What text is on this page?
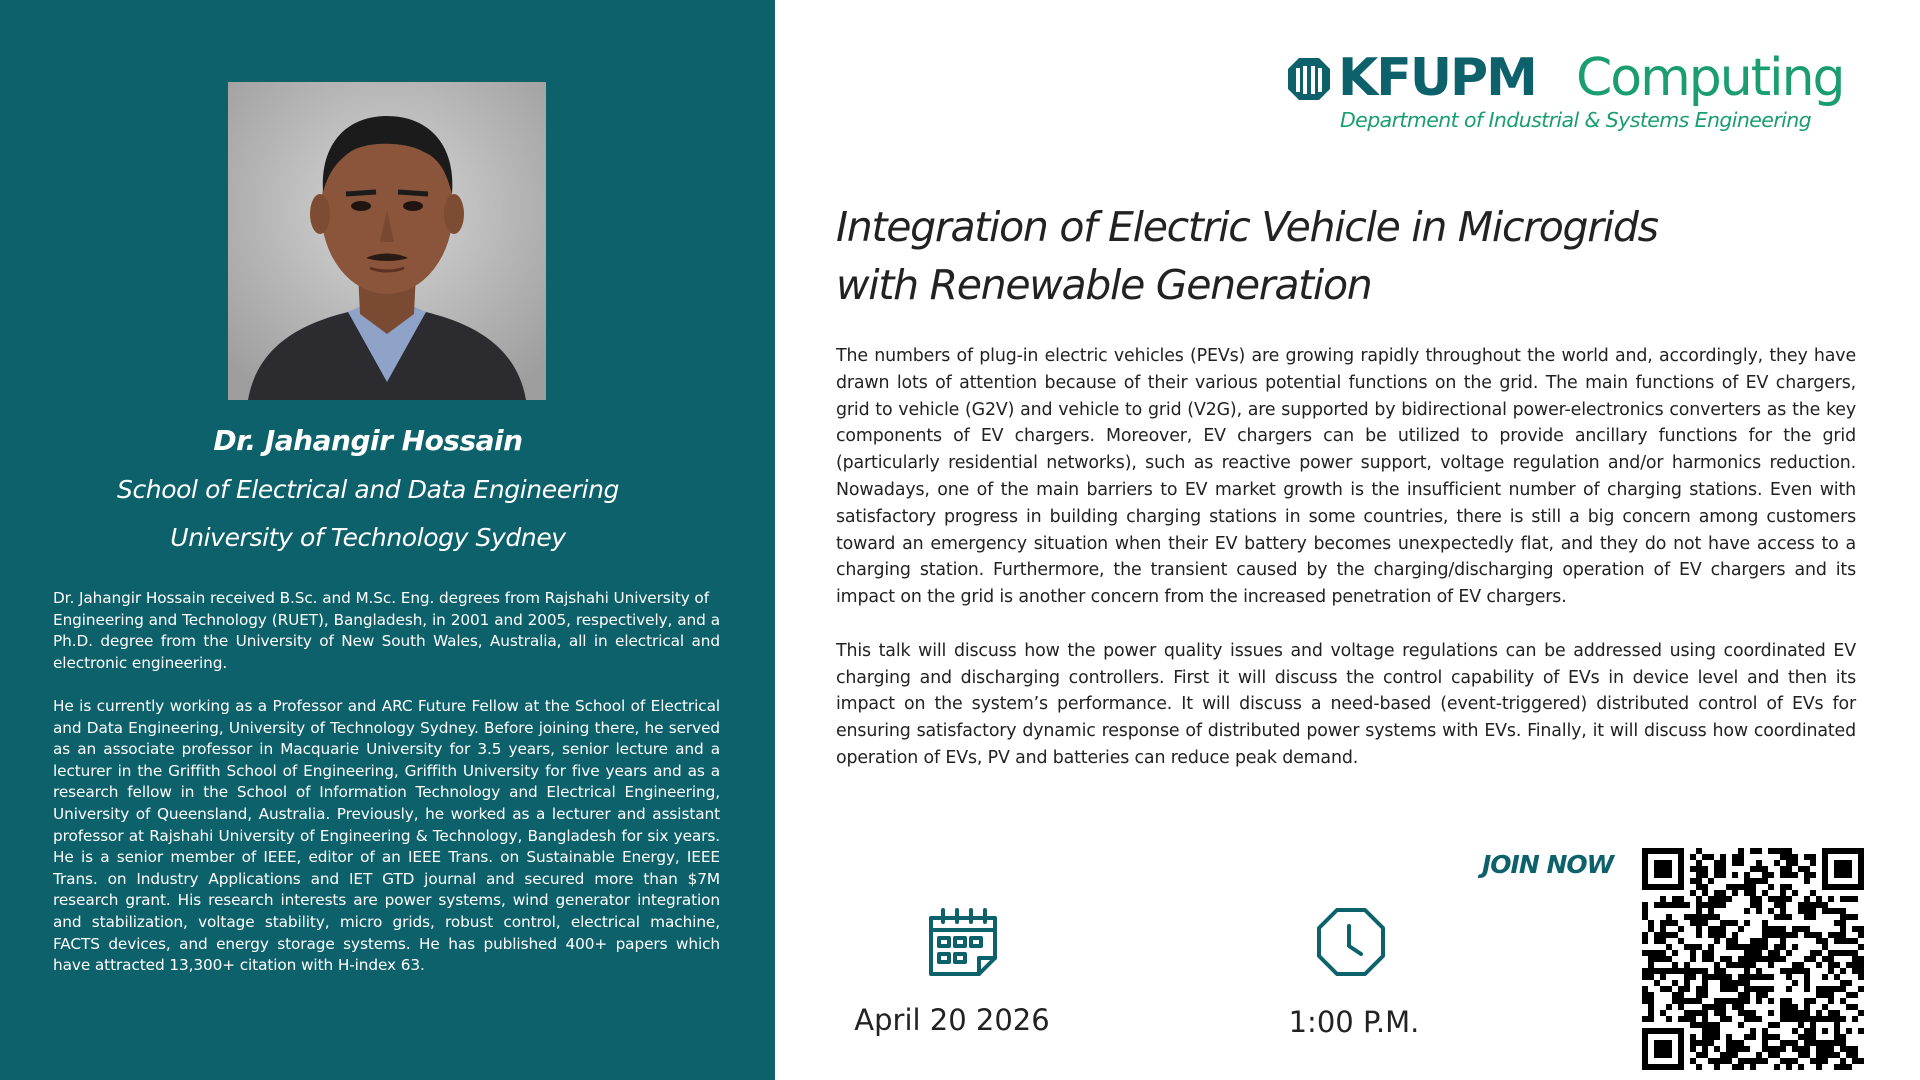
Dr. Jahangir Hossain
School of Electrical and Data Engineering
University of Technology Sydney

Dr. Jahangir Hossain received B.Sc. and M.Sc. Eng. degrees from Rajshahi University of
Engineering and Technology (RUET), Bangladesh, in 2001 and 2005, respectively, and a Ph.D. degree from the University of New South Wales, Australia, all in electrical and electronic engineering.

He is currently working as a Professor and ARC Future Fellow at the School of Electrical and Data Engineering, University of Technology Sydney. Before joining there, he served as an associate professor in Macquarie University for 3.5 years, senior lecture and a lecturer in the Griffith School of Engineering, Griffith University for five years and as a research fellow in the School of Information Technology and Electrical Engineering, University of Queensland, Australia. Previously, he worked as a lecturer and assistant professor at Rajshahi University of Engineering & Technology, Bangladesh for six years. He is a senior member of IEEE, editor of an IEEE Trans. on Sustainable Energy, IEEE Trans. on Industry Applications and IET GTD journal and secured more than $7M research grant. His research interests are power systems, wind generator integration and stabilization, voltage stability, micro grids, robust control, electrical machine, FACTS devices, and energy storage systems. He has published 400+ papers which have attracted 13,300+ citation with H-index 63.

KFUPM Computing
Department of Industrial & Systems Engineering
Integration of Electric Vehicle in Microgrids
with Renewable Generation

The numbers of plug-in electric vehicles (PEVs) are growing rapidly throughout the world and, accordingly, they have drawn lots of attention because of their various potential functions on the grid. The main functions of EV chargers, grid to vehicle (G2V) and vehicle to grid (V2G), are supported by bidirectional power-electronics converters as the key components of EV chargers. Moreover, EV chargers can be utilized to provide ancillary functions for the grid (particularly residential networks), such as reactive power support, voltage regulation and/or harmonics reduction. Nowadays, one of the main barriers to EV market growth is the insufficient number of charging stations. Even with satisfactory progress in building charging stations in some countries, there is still a big concern among customers toward an emergency situation when their EV battery becomes unexpectedly flat, and they do not have access to a charging station. Furthermore, the transient caused by the charging/discharging operation of EV chargers and its impact on the grid is another concern from the increased penetration of EV chargers.

This talk will discuss how the power quality issues and voltage regulations can be addressed using coordinated EV charging and discharging controllers. First it will discuss the control capability of EVs in device level and then its impact on the system’s performance. It will discuss a need-based (event-triggered) distributed control of EVs for ensuring satisfactory dynamic response of distributed power systems with EVs. Finally, it will discuss how coordinated operation of EVs, PV and batteries can reduce peak demand.

JOIN NOW
April 20 2026	1:00 P.M.
